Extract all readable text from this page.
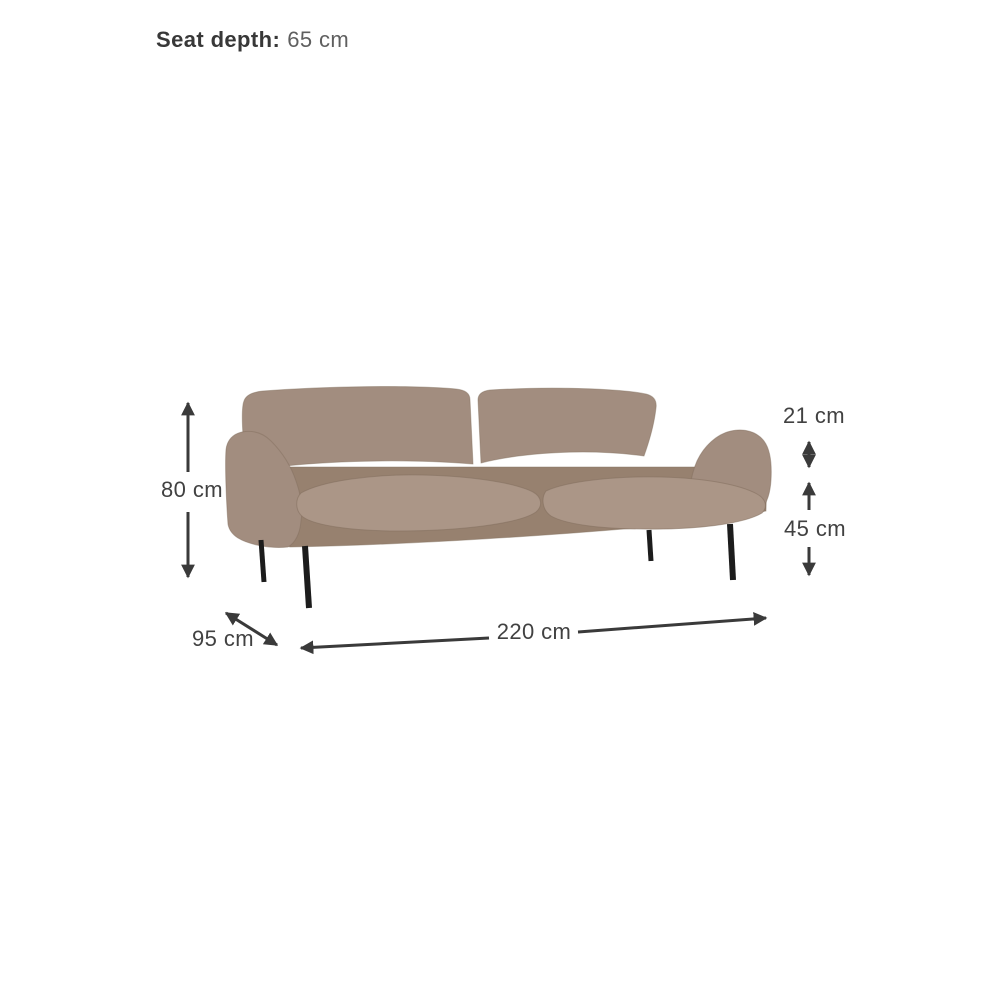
Seat depth: 65 cm
80 cm
21 cm
45 cm
95 cm	220 cm
